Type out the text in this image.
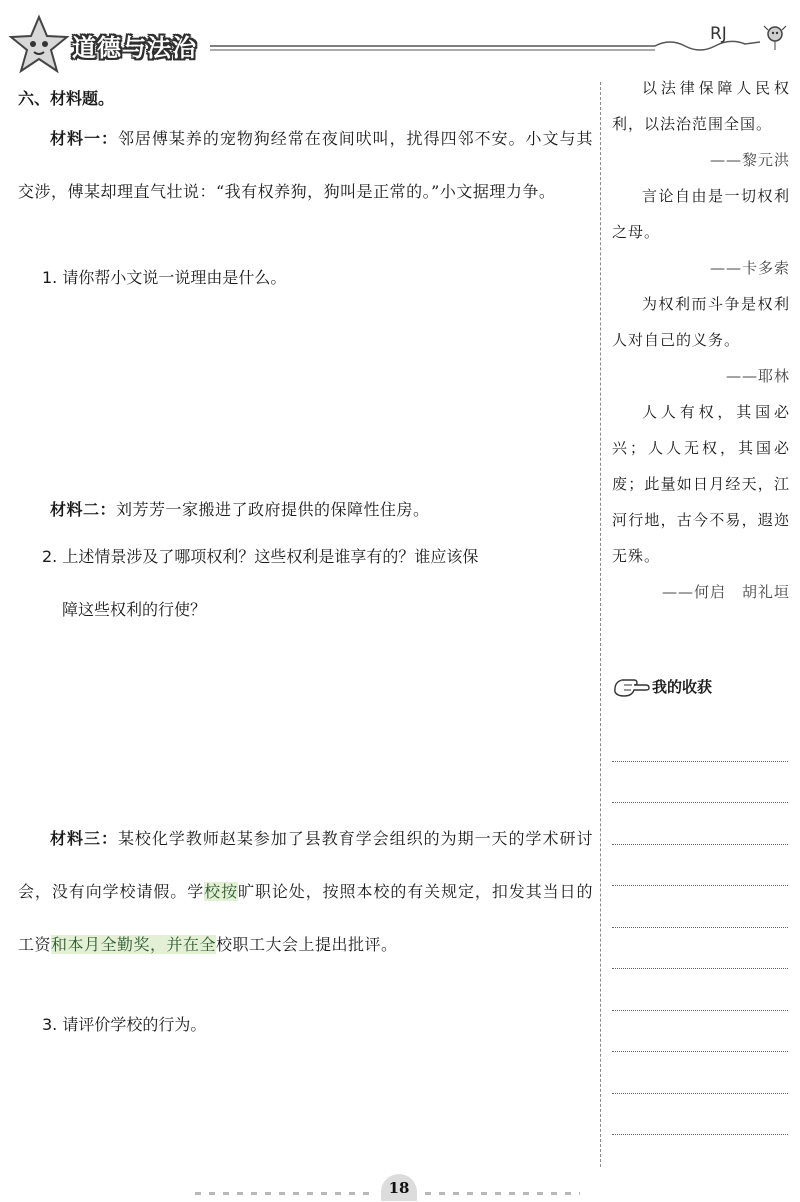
道德与法治	RJ
六、材料题。

材料一：邻居傅某养的宠物狗经常在夜间吠叫，扰得四邻不安。小文与其交涉，傅某却理直气壮说：“我有权养狗，狗叫是正常的。”小文据理力争。

1. 请你帮小文说一说理由是什么。

材料二：刘芳芳一家搬进了政府提供的保障性住房。

2. 上述情景涉及了哪项权利？这些权利是谁享有的？谁应该保
障这些权利的行使？

材料三：某校化学教师赵某参加了县教育学会组织的为期一天的学术研讨会，没有向学校请假。学校按旷职论处，按照本校的有关规定，扣发其当日的工资和本月全勤奖，并在全校职工大会上提出批评。

3. 请评价学校的行为。

以法律保障人民权利，以法治范围全国。

——黎元洪

言论自由是一切权利之母。

——卡多索

为权利而斗争是权利人对自己的义务。

——耶林

人人有权，其国必兴；人人无权，其国必废；此量如日月经天，江河行地，古今不易，遐迩无殊。

——何启　胡礼垣

我的收获
18
